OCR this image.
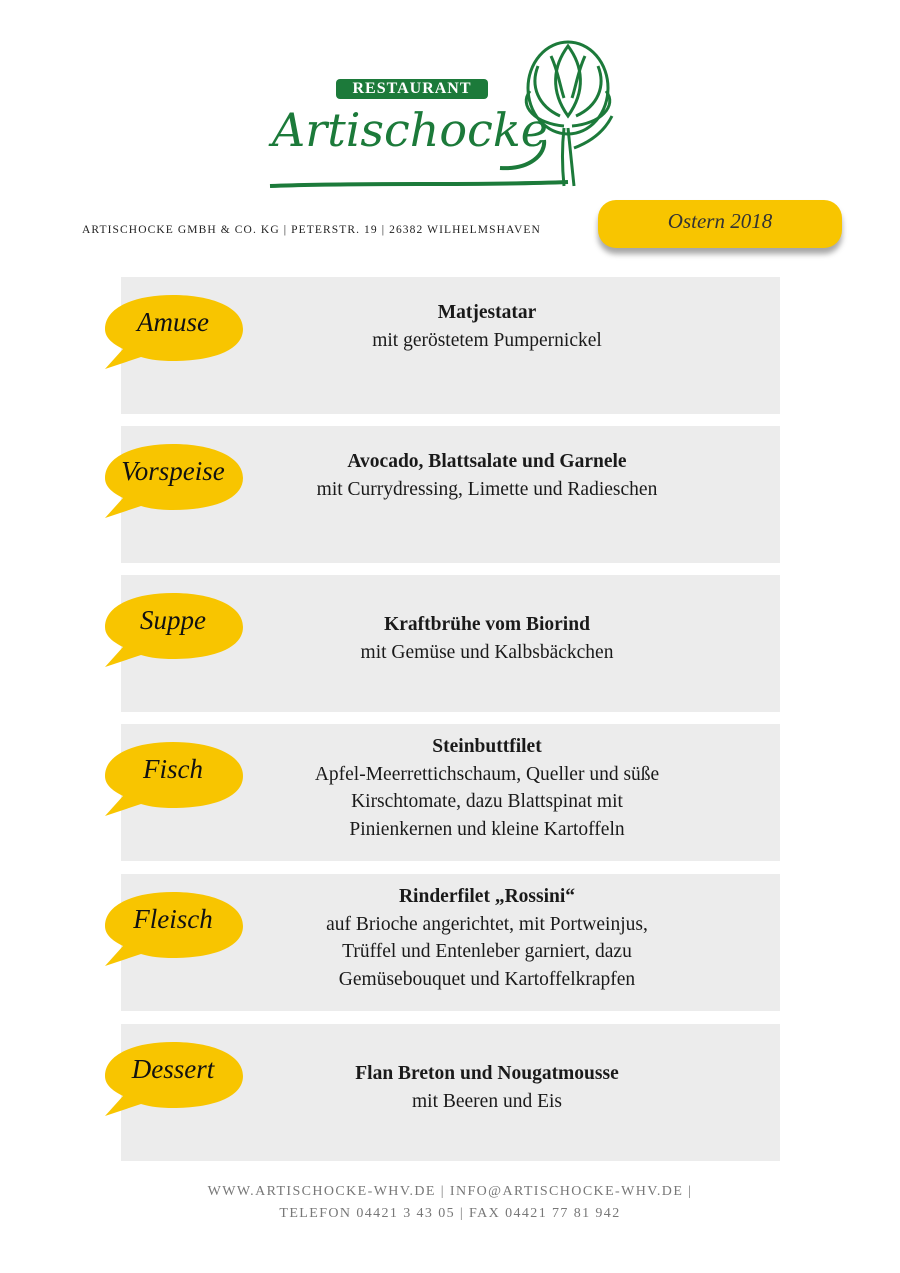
RESTAURANT
Artischocke
ARTISCHOCKE GMBH & CO. KG | PETERSTR. 19 | 26382 WILHELMSHAVEN	Ostern 2018
Amuse	Matjestatar
mit geröstetem Pumpernickel
Vorspeise	Avocado, Blattsalate und Garnele
mit Currydressing, Limette und Radieschen
Suppe	Kraftbrühe vom Biorind
mit Gemüse und Kalbsbäckchen
Fisch
Steinbuttfilet
Apfel-Meerrettichschaum, Queller und süße
Kirschtomate, dazu Blattspinat mit
Pinienkernen und kleine Kartoffeln
Fleisch
Rinderfilet „Rossini“
auf Brioche angerichtet, mit Portweinjus,
Trüffel und Entenleber garniert, dazu
Gemüsebouquet und Kartoffelkrapfen
Dessert	Flan Breton und Nougatmousse
mit Beeren und Eis
WWW.ARTISCHOCKE-WHV.DE | INFO@ARTISCHOCKE-WHV.DE |
TELEFON 04421 3 43 05 | FAX 04421 77 81 942
